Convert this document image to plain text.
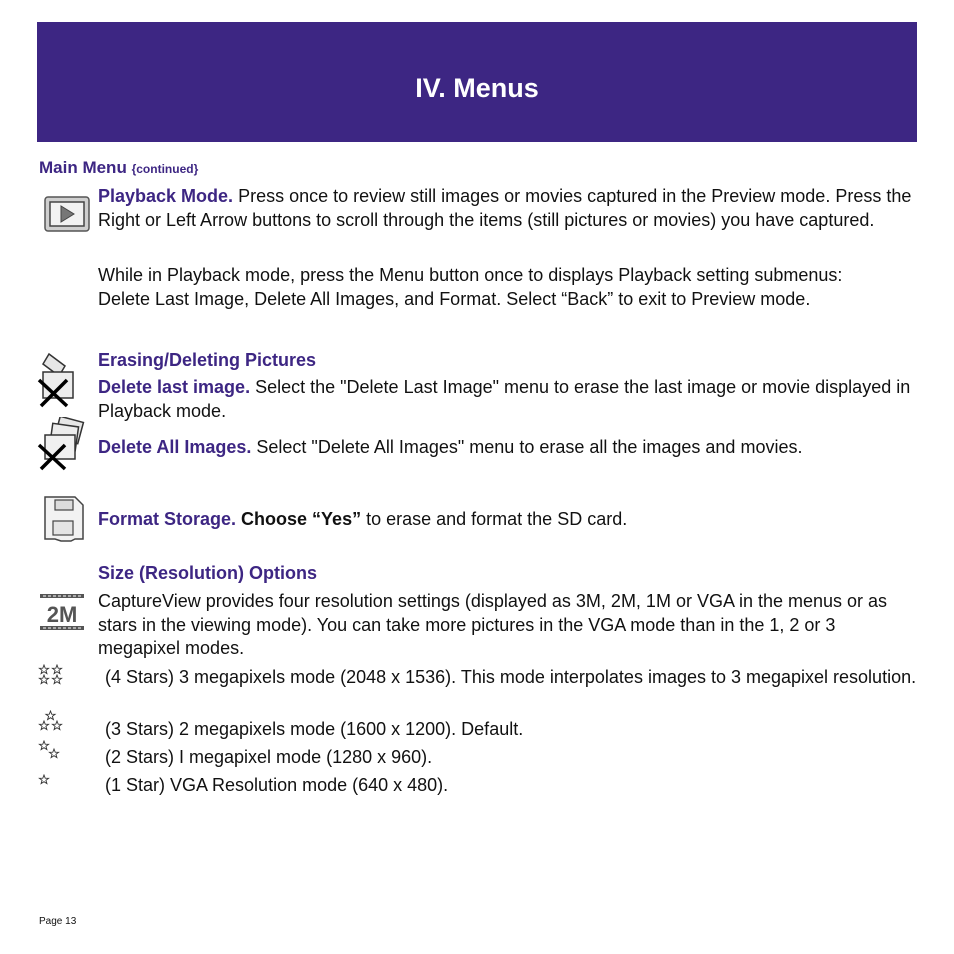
IV. Menus
Main Menu {continued}
Playback Mode. Press once to review still images or movies captured in the Preview mode. Press the Right or Left Arrow buttons to scroll through the items (still pictures or movies) you have captured.
While in Playback mode, press the Menu button once to displays Playback setting submenus: Delete Last Image, Delete All Images, and Format. Select “Back” to exit to Preview mode.
Erasing/Deleting Pictures
Delete last image. Select the "Delete Last Image" menu to erase the last image or movie displayed in Playback mode.
Delete All Images. Select "Delete All Images" menu to erase all the images and movies.
Format Storage. Choose “Yes” to erase and format the SD card.
Size (Resolution) Options
2M
CaptureView provides four resolution settings (displayed as 3M, 2M, 1M or VGA in the menus or as stars in the viewing mode). You can take more pictures in the VGA mode than in the 1, 2 or 3 megapixel modes.
(4 Stars) 3 megapixels mode (2048 x 1536). This mode interpolates images to 3 megapixel resolution.
(3 Stars) 2 megapixels mode (1600 x 1200). Default.
(2 Stars) I megapixel mode (1280 x 960).
(1 Star) VGA Resolution mode (640 x 480).
Page 13
